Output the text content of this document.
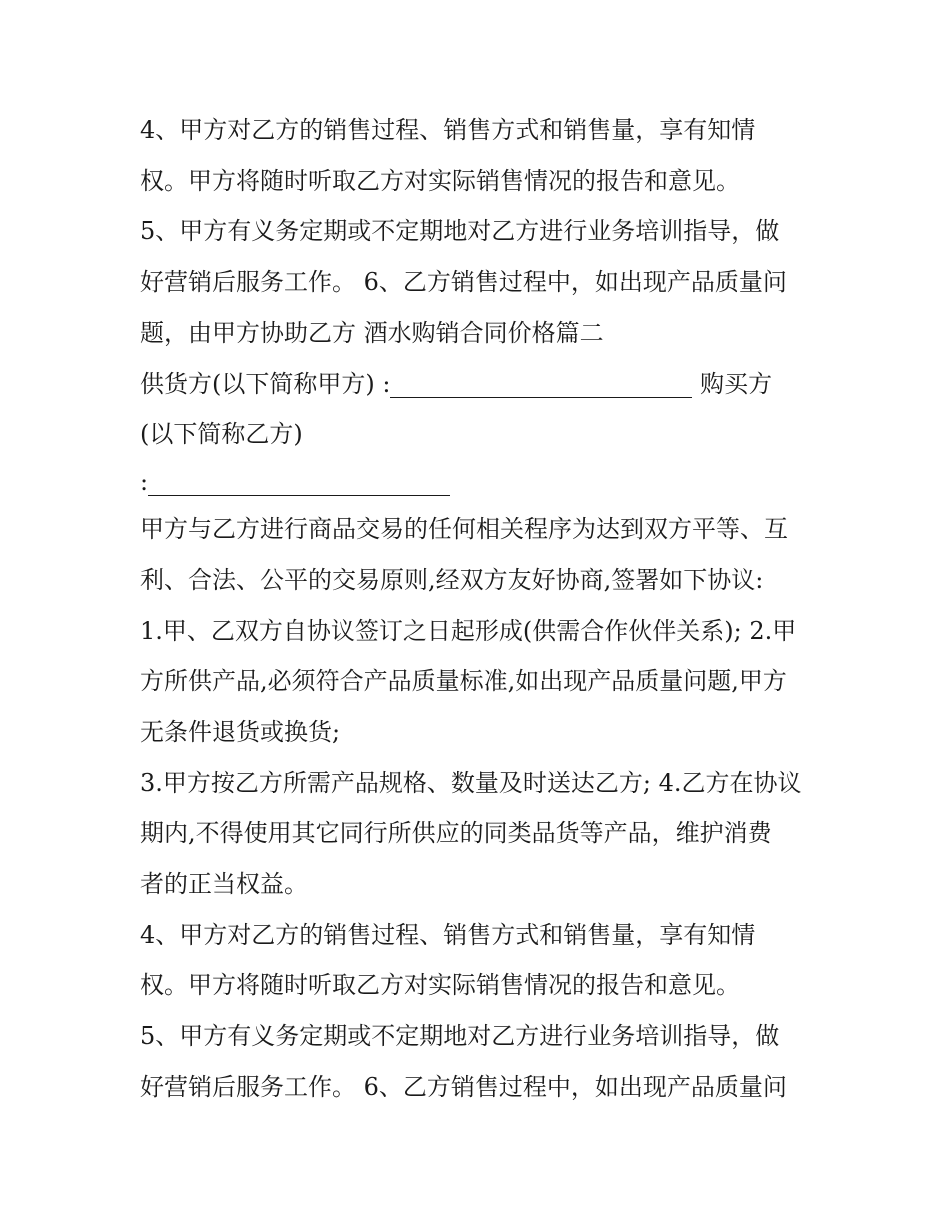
4、甲方对乙方的销售过程、销售方式和销售量，享有知情
权。甲方将随时听取乙方对实际销售情况的报告和意见。
5、甲方有义务定期或不定期地对乙方进行业务培训指导，做
好营销后服务工作。 6、乙方销售过程中，如出现产品质量问
题，由甲方协助乙方 酒水购销合同价格篇二
供货方(以下简称甲方) :	购买方
(以下简称乙方)
:
甲方与乙方进行商品交易的任何相关程序为达到双方平等、互
利、合法、公平的交易原则,经双方友好协商,签署如下协议:
1.甲、乙双方自协议签订之日起形成(供需合作伙伴关系); 2.甲
方所供产品,必须符合产品质量标准,如出现产品质量问题,甲方
无条件退货或换货;
3.甲方按乙方所需产品规格、数量及时送达乙方; 4.乙方在协议
期内,不得使用其它同行所供应的同类品货等产品，维护消费
者的正当权益。
4、甲方对乙方的销售过程、销售方式和销售量，享有知情
权。甲方将随时听取乙方对实际销售情况的报告和意见。
5、甲方有义务定期或不定期地对乙方进行业务培训指导，做
好营销后服务工作。 6、乙方销售过程中，如出现产品质量问
